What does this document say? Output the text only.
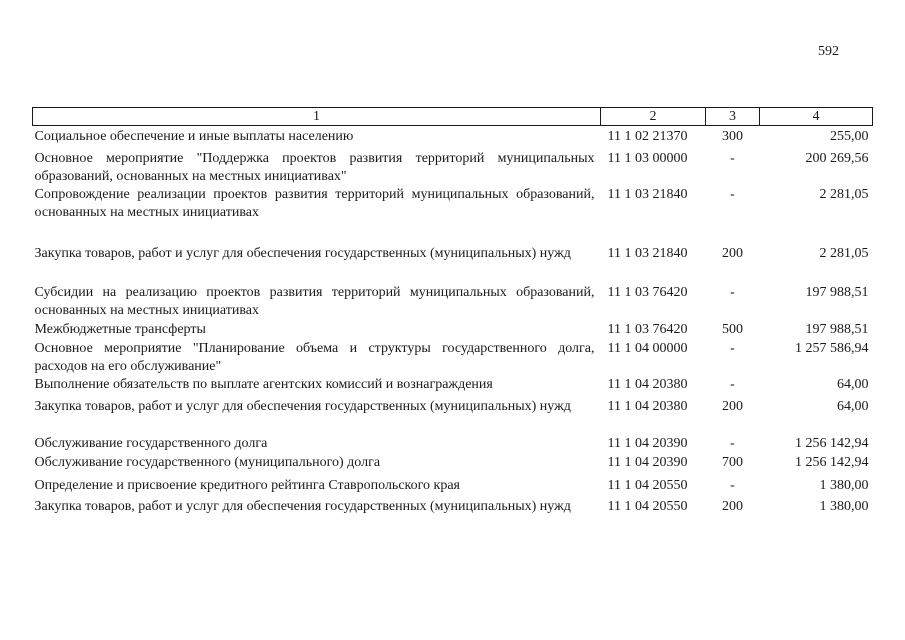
592
1	2	3	4
Социальное обеспечение и иные выплаты населению	11 1 02 21370	300	255,00
Основное мероприятие "Поддержка проектов развития территорий муниципальных образований, основанных на местных инициативах"	11 1 03 00000	-	200 269,56
Сопровождение реализации проектов развития территорий муниципальных образований, основанных на местных инициативах	11 1 03 21840	-	2 281,05
Закупка товаров, работ и услуг для обеспечения государственных (муниципальных) нужд	11 1 03 21840	200	2 281,05
Субсидии на реализацию проектов развития территорий муниципальных образований, основанных на местных инициативах	11 1 03 76420	-	197 988,51
Межбюджетные трансферты	11 1 03 76420	500	197 988,51
Основное мероприятие "Планирование объема и структуры государственного долга, расходов на его обслуживание"	11 1 04 00000	-	1 257 586,94
Выполнение обязательств по выплате агентских комиссий и вознаграждения	11 1 04 20380	-	64,00
Закупка товаров, работ и услуг для обеспечения государственных (муниципальных) нужд	11 1 04 20380	200	64,00
Обслуживание государственного долга	11 1 04 20390	-	1 256 142,94
Обслуживание государственного (муниципального) долга	11 1 04 20390	700	1 256 142,94
Определение и присвоение кредитного рейтинга Ставропольского края	11 1 04 20550	-	1 380,00
Закупка товаров, работ и услуг для обеспечения государственных (муниципальных) нужд	11 1 04 20550	200	1 380,00
